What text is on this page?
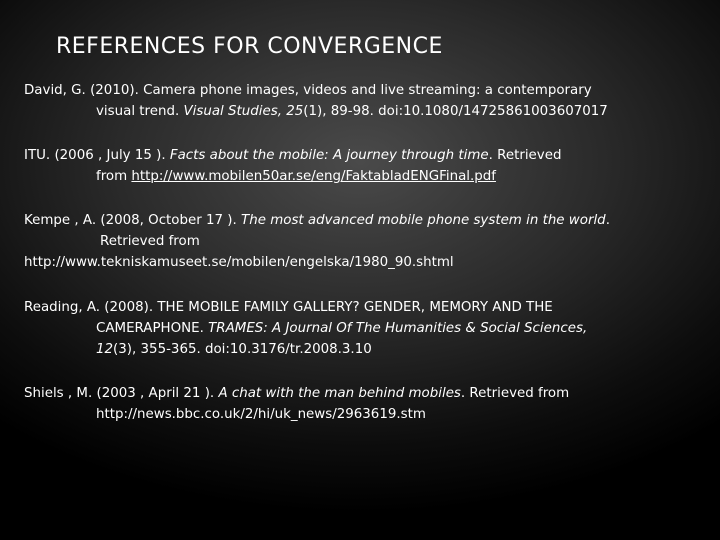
REFERENCES FOR CONVERGENCE
David, G. (2010). Camera phone images, videos and live streaming: a contemporary
visual trend. Visual Studies, 25(1), 89-98. doi:10.1080/14725861003607017
ITU. (2006 , July 15 ). Facts about the mobile: A journey through time. Retrieved
from http://www.mobilen50ar.se/eng/FaktabladENGFinal.pdf
Kempe , A. (2008, October 17 ). The most advanced mobile phone system in the world.
Retrieved from
http://www.tekniskamuseet.se/mobilen/engelska/1980_90.shtml
Reading, A. (2008). THE MOBILE FAMILY GALLERY? GENDER, MEMORY AND THE
CAMERAPHONE. TRAMES: A Journal Of The Humanities & Social Sciences,
12(3), 355-365. doi:10.3176/tr.2008.3.10
Shiels , M. (2003 , April 21 ). A chat with the man behind mobiles. Retrieved from
http://news.bbc.co.uk/2/hi/uk_news/2963619.stm
